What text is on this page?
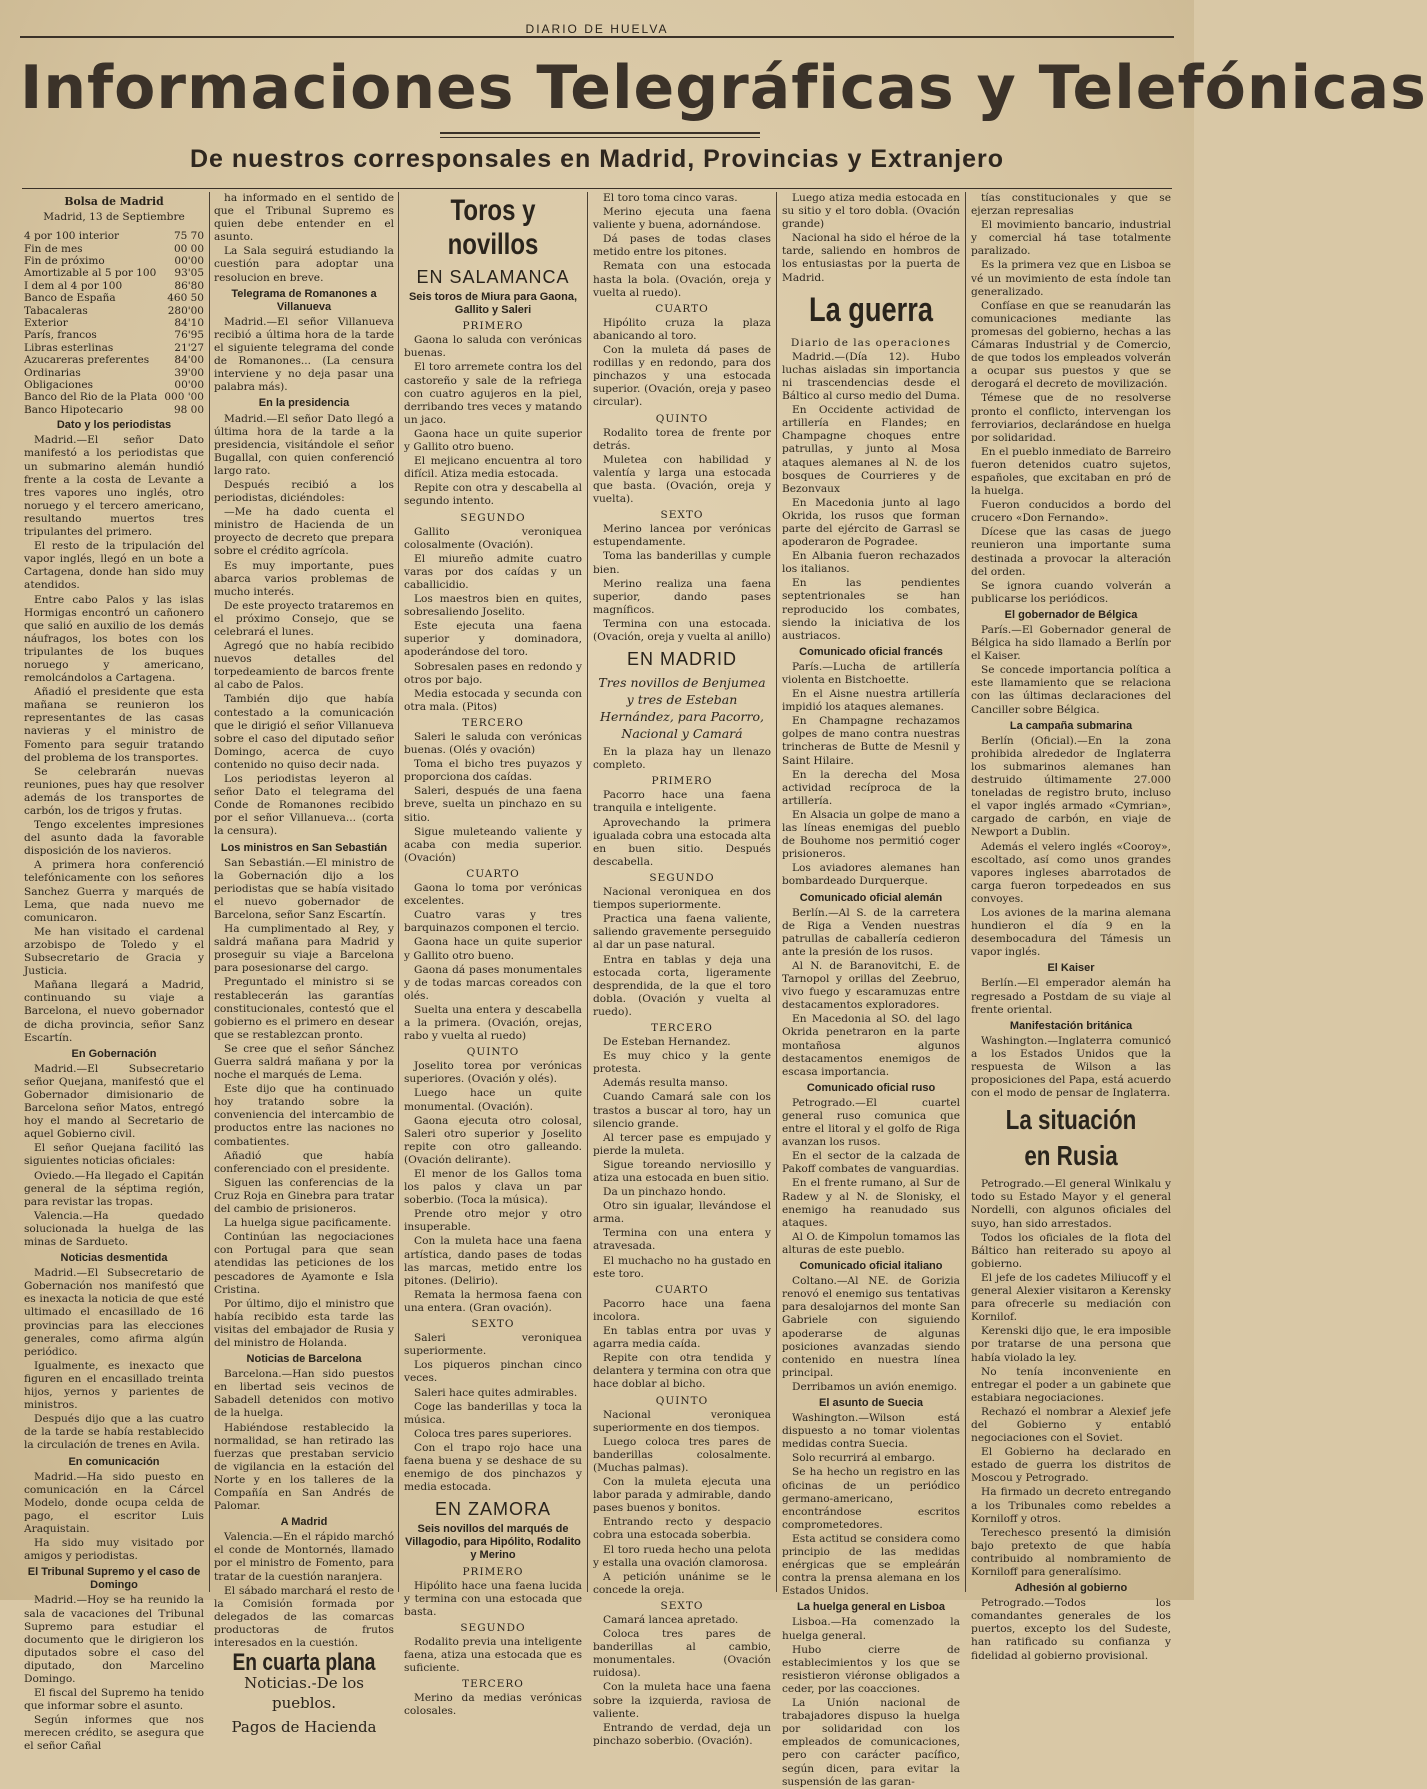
DIARIO DE HUELVA
Informaciones Telegráficas y Telefónicas
De nuestros corresponsales en Madrid, Provincias y Extranjero
Bolsa de Madrid
Madrid, 13 de Septiembre
4 por 100 interior	75 70
Fin de mes	00 00
Fin de próximo	00'00
Amortizable al 5 por 100	93'05
I dem al 4 por 100	86'80
Banco de España	460 50
Tabacaleras	280'00
Exterior	84'10
París, francos	76'95
Libras esterlinas	21'27
Azucareras preferentes	84'00
Ordinarias	39'00
Obligaciones	00'00
Banco del Rio de la Plata	000 '00
Banco Hipotecario	98 00
Dato y los periodistas

Madrid.—El señor Dato manifestó a los periodistas que un submarino alemán hundió frente a la costa de Levante a tres vapores uno inglés, otro noruego y el tercero americano, resultando muertos tres tripulantes del primero.

El resto de la tripulación del vapor inglés, llegó en un bote a Cartagena, donde han sido muy atendidos.

Entre cabo Palos y las islas Hormigas encontró un cañonero que salió en auxilio de los demás náufragos, los botes con los tripulantes de los buques noruego y americano, remolcándolos a Cartagena.

Añadió el presidente que esta mañana se reunieron los representantes de las casas navieras y el ministro de Fomento para seguir tratando del problema de los transportes.

Se celebrarán nuevas reuniones, pues hay que resolver además de los transportes de carbón, los de trigos y frutas.

Tengo excelentes impresiones del asunto dada la favorable disposición de los navieros.

A primera hora conferenció telefónicamente con los señores Sanchez Guerra y marqués de Lema, que nada nuevo me comunicaron.

Me han visitado el cardenal arzobispo de Toledo y el Subsecretario de Gracia y Justicia.

Mañana llegará a Madrid, continuando su viaje a Barcelona, el nuevo gobernador de dicha provincia, señor Sanz Escartín.

En Gobernación

Madrid.—El Subsecretario señor Quejana, manifestó que el Gobernador dimisionario de Barcelona señor Matos, entregó hoy el mando al Secretario de aquel Gobierno civil.

El señor Quejana facilitó las siguientes noticias oficiales:

Oviedo.—Ha llegado el Capitán general de la séptima región, para revistar las tropas.

Valencia.—Ha quedado solucionada la huelga de las minas de Sardueto.

Noticias desmentida

Madrid.—El Subsecretario de Gobernación nos manifestó que es inexacta la noticia de que esté ultimado el encasillado de 16 provincias para las elecciones generales, como afirma algún periódico.

Igualmente, es inexacto que figuren en el encasillado treinta hijos, yernos y parientes de ministros.

Después dijo que a las cuatro de la tarde se había restablecido la circulación de trenes en Avila.

En comunicación

Madrid.—Ha sido puesto en comunicación en la Cárcel Modelo, donde ocupa celda de pago, el escritor Luis Araquistain.

Ha sido muy visitado por amigos y periodistas.

El Tribunal Supremo y el caso de Domingo

Madrid.—Hoy se ha reunido la sala de vacaciones del Tribunal Supremo para estudiar el documento que le dirigieron los diputados sobre el caso del diputado, don Marcelino Domingo.

El fiscal del Supremo ha tenido que informar sobre el asunto.

Según informes que nos merecen crédito, se asegura que el señor Cañal

ha informado en el sentido de que el Tribunal Supremo es quien debe entender en el asunto.

La Sala seguirá estudiando la cuestión para adoptar una resolucion en breve.

Telegrama de Romanones a Villanueva

Madrid.—El señor Villanueva recibió a última hora de la tarde el siguiente telegrama del conde de Romanones... (La censura interviene y no deja pasar una palabra más).

En la presidencia

Madrid.—El señor Dato llegó a última hora de la tarde a la presidencia, visitándole el señor Bugallal, con quien conferenció largo rato.

Después recibió a los periodistas, diciéndoles:

—Me ha dado cuenta el ministro de Hacienda de un proyecto de decreto que prepara sobre el crédito agrícola.

Es muy importante, pues abarca varios problemas de mucho interés.

De este proyecto trataremos en el próximo Consejo, que se celebrará el lunes.

Agregó que no había recibido nuevos detalles del torpedeamiento de barcos frente al cabo de Palos.

También dijo que había contestado a la comunicación que le dirigió el señor Villanueva sobre el caso del diputado señor Domingo, acerca de cuyo contenido no quiso decir nada.

Los periodistas leyeron al señor Dato el telegrama del Conde de Romanones recibido por el señor Villanueva... (corta la censura).

Los ministros en San Sebastián

San Sebastián.—El ministro de la Gobernación dijo a los periodistas que se había visitado el nuevo gobernador de Barcelona, señor Sanz Escartín.

Ha cumplimentado al Rey, y saldrá mañana para Madrid y proseguir su viaje a Barcelona para posesionarse del cargo.

Preguntado el ministro si se restablecerán las garantías constitucionales, contestó que el gobierno es el primero en desear que se restablezcan pronto.

Se cree que el señor Sánchez Guerra saldrá mañana y por la noche el marqués de Lema.

Este dijo que ha continuado hoy tratando sobre la conveniencia del intercambio de productos entre las naciones no combatientes.

Añadió que había conferenciado con el presidente.

Siguen las conferencias de la Cruz Roja en Ginebra para tratar del cambio de prisioneros.

La huelga sigue pacificamente.

Continúan las negociaciones con Portugal para que sean atendidas las peticiones de los pescadores de Ayamonte e Isla Cristina.

Por último, dijo el ministro que había recibido esta tarde las visitas del embajador de Rusia y del ministro de Holanda.

Noticias de Barcelona

Barcelona.—Han sido puestos en libertad seis vecinos de Sabadell detenidos con motivo de la huelga.

Habiéndose restablecido la normalidad, se han retirado las fuerzas que prestaban servicio de vigilancia en la estación del Norte y en los talleres de la Compañía en San Andrés de Palomar.

A Madrid

Valencia.—En el rápido marchó el conde de Montornés, llamado por el ministro de Fomento, para tratar de la cuestión naranjera.

El sábado marchará el resto de la Comisión formada por delegados de las comarcas productoras de frutos interesados en la cuestión.

En cuarta plana
Noticias.-De los pueblos.
Pagos de Hacienda
Toros y novillos
EN SALAMANCA
Seis toros de Miura para Gaona, Gallito y Saleri
PRIMERO

Gaona lo saluda con verónicas buenas.

El toro arremete contra los del castoreño y sale de la refriega con cuatro agujeros en la piel, derribando tres veces y matando un jaco.

Gaona hace un quite superior y Gallito otro bueno.

El mejicano encuentra al toro difícil. Atiza media estocada.

Repite con otra y descabella al segundo intento.

SEGUNDO

Gallito veroniquea colosalmente (Ovación).

El miureño admite cuatro varas por dos caídas y un caballicidio.

Los maestros bien en quites, sobresaliendo Joselito.

Este ejecuta una faena superior y dominadora, apoderándose del toro.

Sobresalen pases en redondo y otros por bajo.

Media estocada y secunda con otra mala. (Pitos)

TERCERO

Saleri le saluda con verónicas buenas. (Olés y ovación)

Toma el bicho tres puyazos y proporciona dos caídas.

Saleri, después de una faena breve, suelta un pinchazo en su sitio.

Sigue muleteando valiente y acaba con media superior. (Ovación)

CUARTO

Gaona lo toma por verónicas excelentes.

Cuatro varas y tres barquinazos componen el tercio.

Gaona hace un quite superior y Gallito otro bueno.

Gaona dá pases monumentales y de todas marcas coreados con olés.

Suelta una entera y descabella a la primera. (Ovación, orejas, rabo y vuelta al ruedo)

QUINTO

Joselito torea por verónicas superiores. (Ovación y olés).

Luego hace un quite monumental. (Ovación).

Gaona ejecuta otro colosal, Saleri otro superior y Joselito repite con otro galleando. (Ovación delirante).

El menor de los Gallos toma los palos y clava un par soberbio. (Toca la música).

Prende otro mejor y otro insuperable.

Con la muleta hace una faena artística, dando pases de todas las marcas, metido entre los pitones. (Delirio).

Remata la hermosa faena con una entera. (Gran ovación).

SEXTO

Saleri veroniquea superiormente.

Los piqueros pinchan cinco veces.

Saleri hace quites admirables.

Coge las banderillas y toca la música.

Coloca tres pares superiores.

Con el trapo rojo hace una faena buena y se deshace de su enemigo de dos pinchazos y media estocada.

EN ZAMORA
Seis novillos del marqués de Villagodio, para Hipólito, Rodalito y Merino
PRIMERO

Hipólito hace una faena lucida y termina con una estocada que basta.

SEGUNDO

Rodalito previa una inteligente faena, atiza una estocada que es suficiente.

TERCERO

Merino da medias verónicas colosales.

El toro toma cinco varas.

Merino ejecuta una faena valiente y buena, adornándose.

Dá pases de todas clases metido entre los pitones.

Remata con una estocada hasta la bola. (Ovación, oreja y vuelta al ruedo).

CUARTO

Hipólito cruza la plaza abanicando al toro.

Con la muleta dá pases de rodillas y en redondo, para dos pinchazos y una estocada superior. (Ovación, oreja y paseo circular).

QUINTO

Rodalito torea de frente por detrás.

Muletea con habilidad y valentía y larga una estocada que basta. (Ovación, oreja y vuelta).

SEXTO

Merino lancea por verónicas estupendamente.

Toma las banderillas y cumple bien.

Merino realiza una faena superior, dando pases magníficos.

Termina con una estocada. (Ovación, oreja y vuelta al anillo)

EN MADRID
Tres novillos de Benjumea y tres de Esteban Hernández, para Pacorro, Nacional y Camará

En la plaza hay un llenazo completo.

PRIMERO

Pacorro hace una faena tranquila e inteligente.

Aprovechando la primera igualada cobra una estocada alta en buen sitio. Después descabella.

SEGUNDO

Nacional veroniquea en dos tiempos superiormente.

Practica una faena valiente, saliendo gravemente perseguido al dar un pase natural.

Entra en tablas y deja una estocada corta, ligeramente desprendida, de la que el toro dobla. (Ovación y vuelta al ruedo).

TERCERO

De Esteban Hernandez.

Es muy chico y la gente protesta.

Además resulta manso.

Cuando Camará sale con los trastos a buscar al toro, hay un silencio grande.

Al tercer pase es empujado y pierde la muleta.

Sigue toreando nerviosillo y atiza una estocada en buen sitio.

Da un pinchazo hondo.

Otro sin igualar, llevándose el arma.

Termina con una entera y atravesada.

El muchacho no ha gustado en este toro.

CUARTO

Pacorro hace una faena incolora.

En tablas entra por uvas y agarra media caída.

Repite con otra tendida y delantera y termina con otra que hace doblar al bicho.

QUINTO

Nacional veroniquea superiormente en dos tiempos.

Luego coloca tres pares de banderillas colosalmente. (Muchas palmas).

Con la muleta ejecuta una labor parada y admirable, dando pases buenos y bonitos.

Entrando recto y despacio cobra una estocada soberbia.

El toro rueda hecho una pelota y estalla una ovación clamorosa.

A petición unánime se le concede la oreja.

SEXTO

Camará lancea apretado.

Coloca tres pares de banderillas al cambio, monumentales. (Ovación ruidosa).

Con la muleta hace una faena sobre la izquierda, raviosa de valiente.

Entrando de verdad, deja un pinchazo soberbio. (Ovación).

Luego atiza media estocada en su sitio y el toro dobla. (Ovación grande)

Nacional ha sido el héroe de la tarde, saliendo en hombros de los entusiastas por la puerta de Madrid.

La guerra
Diario de las operaciones

Madrid.—(Día 12). Hubo luchas aisladas sin importancia ni trascendencias desde el Báltico al curso medio del Duma.

En Occidente actividad de artillería en Flandes; en Champagne choques entre patrullas, y junto al Mosa ataques alemanes al N. de los bosques de Courrieres y de Bezonvaux

En Macedonia junto al lago Okrida, los rusos que forman parte del ejército de Garrasl se apoderaron de Pogradee.

En Albania fueron rechazados los italianos.

En las pendientes septentrionales se han reproducido los combates, siendo la iniciativa de los austriacos.

Comunicado oficial francés

París.—Lucha de artillería violenta en Bistchoette.

En el Aisne nuestra artillería impidió los ataques alemanes.

En Champagne rechazamos golpes de mano contra nuestras trincheras de Butte de Mesnil y Saint Hilaire.

En la derecha del Mosa actividad recíproca de la artillería.

En Alsacia un golpe de mano a las líneas enemigas del pueblo de Bouhome nos permitió coger prisioneros.

Los aviadores alemanes han bombardeado Durquerque.

Comunicado oficial alemán

Berlín.—Al S. de la carretera de Riga a Venden nuestras patrullas de caballería cedieron ante la presión de los rusos.

Al N. de Baranovitchi, E. de Tarnopol y orillas del Zeebruo, vivo fuego y escaramuzas entre destacamentos exploradores.

En Macedonia al SO. del lago Okrida penetraron en la parte montañosa algunos destacamentos enemigos de escasa importancia.

Comunicado oficial ruso

Petrogrado.—El cuartel general ruso comunica que entre el litoral y el golfo de Riga avanzan los rusos.

En el sector de la calzada de Pakoff combates de vanguardias.

En el frente rumano, al Sur de Radew y al N. de Slonisky, el enemigo ha reanudado sus ataques.

Al O. de Kimpolun tomamos las alturas de este pueblo.

Comunicado oficial italiano

Coltano.—Al NE. de Gorizia renovó el enemigo sus tentativas para desalojarnos del monte San Gabriele con siguiendo apoderarse de algunas posiciones avanzadas siendo contenido en nuestra línea principal.

Derribamos un avión enemigo.

El asunto de Suecia

Washington.—Wilson está dispuesto a no tomar violentas medidas contra Suecia.

Solo recurrirá al embargo.

Se ha hecho un registro en las oficinas de un periódico germano-americano, encontrándose escritos comprometedores.

Esta actitud se considera como principio de las medidas enérgicas que se empleárán contra la prensa alemana en los Estados Unidos.

La huelga general en Lisboa

Lisboa.—Ha comenzado la huelga general.

Hubo cierre de establecimientos y los que se resistieron viéronse obligados a ceder, por las coacciones.

La Unión nacional de trabajadores dispuso la huelga por solidaridad con los empleados de comunicaciones, pero con carácter pacífico, según dicen, para evitar la suspensión de las garan-

tías constitucionales y que se ejerzan represalias

El movimiento bancario, industrial y comercial há tase totalmente paralizado.

Es la primera vez que en Lisboa se vé un movimiento de esta índole tan generalizado.

Confíase en que se reanudarán las comunicaciones mediante las promesas del gobierno, hechas a las Cámaras Industrial y de Comercio, de que todos los empleados volverán a ocupar sus puestos y que se derogará el decreto de movilización.

Témese que de no resolverse pronto el conflicto, intervengan los ferroviarios, declarándose en huelga por solidaridad.

En el pueblo inmediato de Barreiro fueron detenidos cuatro sujetos, españoles, que excitaban en pró de la huelga.

Fueron conducidos a bordo del crucero «Don Fernando».

Dícese que las casas de juego reunieron una importante suma destinada a provocar la alteración del orden.

Se ignora cuando volverán a publicarse los periódicos.

El gobernador de Bélgica

París.—El Gobernador general de Bélgica ha sido llamado a Berlín por el Kaiser.

Se concede importancia política a este llamamiento que se relaciona con las últimas declaraciones del Canciller sobre Bélgica.

La campaña submarina

Berlín (Oficial).—En la zona prohibida alrededor de Inglaterra los submarinos alemanes han destruido últimamente 27.000 toneladas de registro bruto, incluso el vapor inglés armado «Cymrian», cargado de carbón, en viaje de Newport a Dublin.

Además el velero inglés «Cooroy», escoltado, así como unos grandes vapores ingleses abarrotados de carga fueron torpedeados en sus convoyes.

Los aviones de la marina alemana hundieron el día 9 en la desembocadura del Támesis un vapor inglés.

El Kaiser

Berlín.—El emperador alemán ha regresado a Postdam de su viaje al frente oriental.

Manifestación británica

Washington.—Inglaterra comunicó a los Estados Unidos que la respuesta de Wilson a las proposiciones del Papa, está acuerdo con el modo de pensar de Inglaterra.

La situación en Rusia

Petrogrado.—El general Winlkalu y todo su Estado Mayor y el general Nordelli, con algunos oficiales del suyo, han sido arrestados.

Todos los oficiales de la flota del Báltico han reiterado su apoyo al gobierno.

El jefe de los cadetes Miliucoff y el general Alexier visitaron a Kerensky para ofrecerle su mediación con Kornilof.

Kerenski dijo que, le era imposible por tratarse de una persona que había violado la ley.

No tenía inconveniente en entregar el poder a un gabinete que estabiara negociaciones.

Rechazó el nombrar a Alexief jefe del Gobierno y entabló negociaciones con el Soviet.

El Gobierno ha declarado en estado de guerra los distritos de Moscou y Petrogrado.

Ha firmado un decreto entregando a los Tribunales como rebeldes a Korniloff y otros.

Terechesco presentó la dimisión bajo pretexto de que había contribuido al nombramiento de Korniloff para generalísimo.

Adhesión al gobierno

Petrogrado.—Todos los comandantes generales de los puertos, excepto los del Sudeste, han ratificado su confianza y fidelidad al gobierno provisional.
